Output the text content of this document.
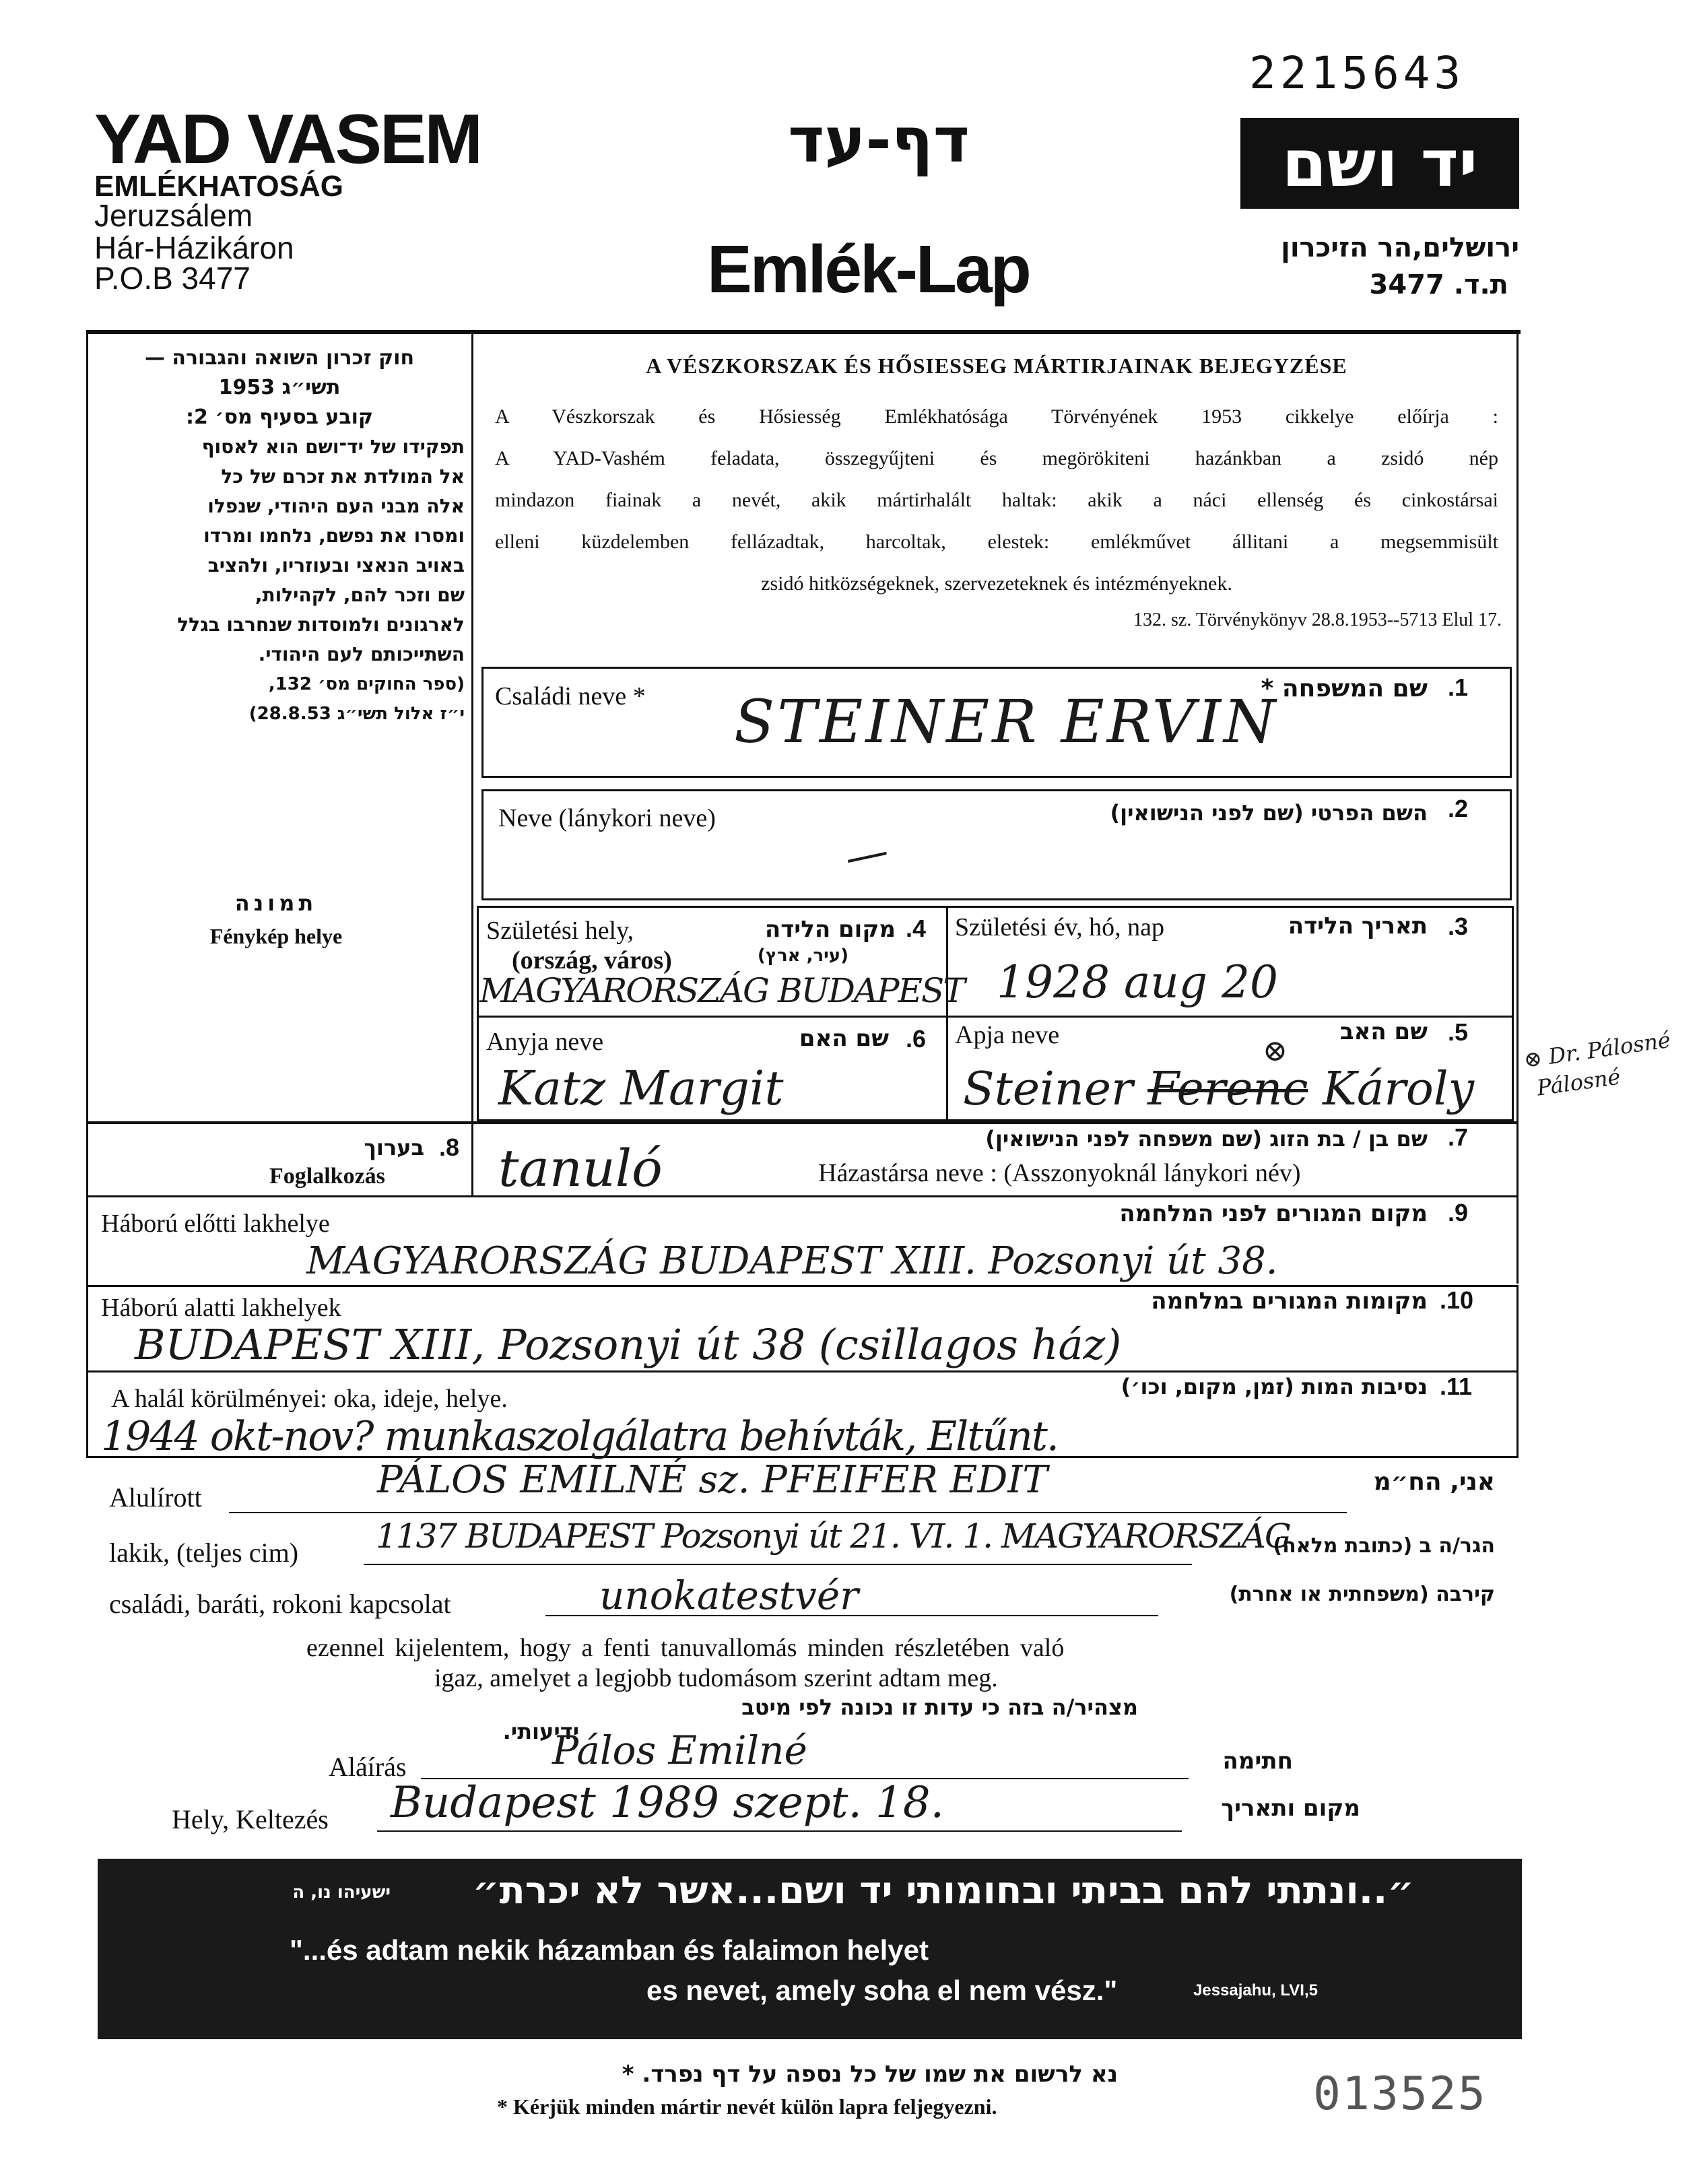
2215643
YAD VASEM
EMLÉKHATOSÁG
Jeruzsálem
Hár-Házikáron
P.O.B 3477
דף-עד
Emlék-Lap
יד ושם
ירושלים,הר הזיכרון
ת.ד. 3477
חוק זכרון השואה והגבורה —
תשי״ג 1953
קובע בסעיף מס׳ 2:
תפקידו של יד־ושם הוא לאסוף
אל המולדת את זכרם של כל
אלה מבני העם היהודי, שנפלו
ומסרו את נפשם, נלחמו ומרדו
באויב הנאצי ובעוזריו, ולהציב
שם וזכר להם, לקהילות,
לארגונים ולמוסדות שנחרבו בגלל
השתייכותם לעם היהודי.
(ספר החוקים מס׳ 132,
י״ז אלול תשי״ג 28.8.53)
תמונה
Fénykép helye
A VÉSZKORSZAK ÉS HŐSIESSEG MÁRTIRJAINAK BEJEGYZÉSE
A Vészkorszak és Hősiesség Emlékhatósága Törvényének 1953 cikkelye előírja :
A YAD-Vashém feladata, összegyűjteni és megörökiteni hazánkban a zsidó nép
mindazon fiainak a nevét, akik mártirhalált haltak: akik a náci ellenség és cinkostársai
elleni küzdelemben fellázadtak, harcoltak, elestek: emlékművet állitani a megsemmisült
zsidó hitközségeknek, szervezeteknek és intézményeknek.
132. sz. Törvénykönyv 28.8.1953--5713 Elul 17.
Családi neve *	שם המשפחה * .1
STEINER ERVIN
Neve (lánykori neve)	השם הפרטי (שם לפני הנישואין) .2
—
Születési hely,
(ország, város)
מקום הלידה
(עיר, ארץ)
.4
MAGYARORSZÁG BUDAPEST
Születési év, hó, nap	תאריך הלידה .3
1928 aug 20
Anyja neve	שם האם .6
Katz Margit
Apja neve	שם האב .5
⊗
Steiner Ferenc Károly
⊗ Dr. Pálosné
Pálosné
בערוך .8
Foglalkozás tanuló	שם בן / בת הזוג (שם משפחה לפני הנישואין) .7
Házastársa neve : (Asszonyoknál lánykori név)
Háború előtti lakhelye	מקום המגורים לפני המלחמה .9
MAGYARORSZÁG BUDAPEST XIII. Pozsonyi út 38.
Háború alatti lakhelyek	מקומות המגורים במלחמה .10
BUDAPEST XIII, Pozsonyi út 38 (csillagos ház)
A halál körülményei: oka, ideje, helye.	נסיבות המות (זמן, מקום, וכו׳) .11
1944 okt-nov? munkaszolgálatra behívták, Eltűnt.
Alulírott	PÁLOS EMILNÉ sz. PFEIFER EDIT	אני, הח״מ
lakik, (teljes cim) 1137 BUDAPEST Pozsonyi út 21. VI. 1. MAGYARORSZÁG
הגר/ה ב (כתובת מלאה)
családi, baráti, rokoni kapcsolat	unokatestvér	קירבה (משפחתית או אחרת)
ezennel kijelentem, hogy a fenti tanuvallomás minden részletében való
igaz, amelyet a legjobb tudomásom szerint adtam meg.
מצהיר/ה בזה כי עדות זו נכונה לפי מיטב
ידיעותי.
Aláírás	Pálos Emilné	חתימה
Hely, Keltezés Budapest 1989 szept. 18.	מקום ותאריך
״..ונתתי להם בביתי ובחומותי יד ושם...אשר לא יכרת״
ישעיהו נו, ה
"...és adtam nekik házamban és falaimon helyet
es nevet, amely soha el nem vész."	Jessajahu, LVI,5
נא לרשום את שמו של כל נספה על דף נפרד. *
* Kérjük minden mártir nevét külön lapra feljegyezni.	013525
